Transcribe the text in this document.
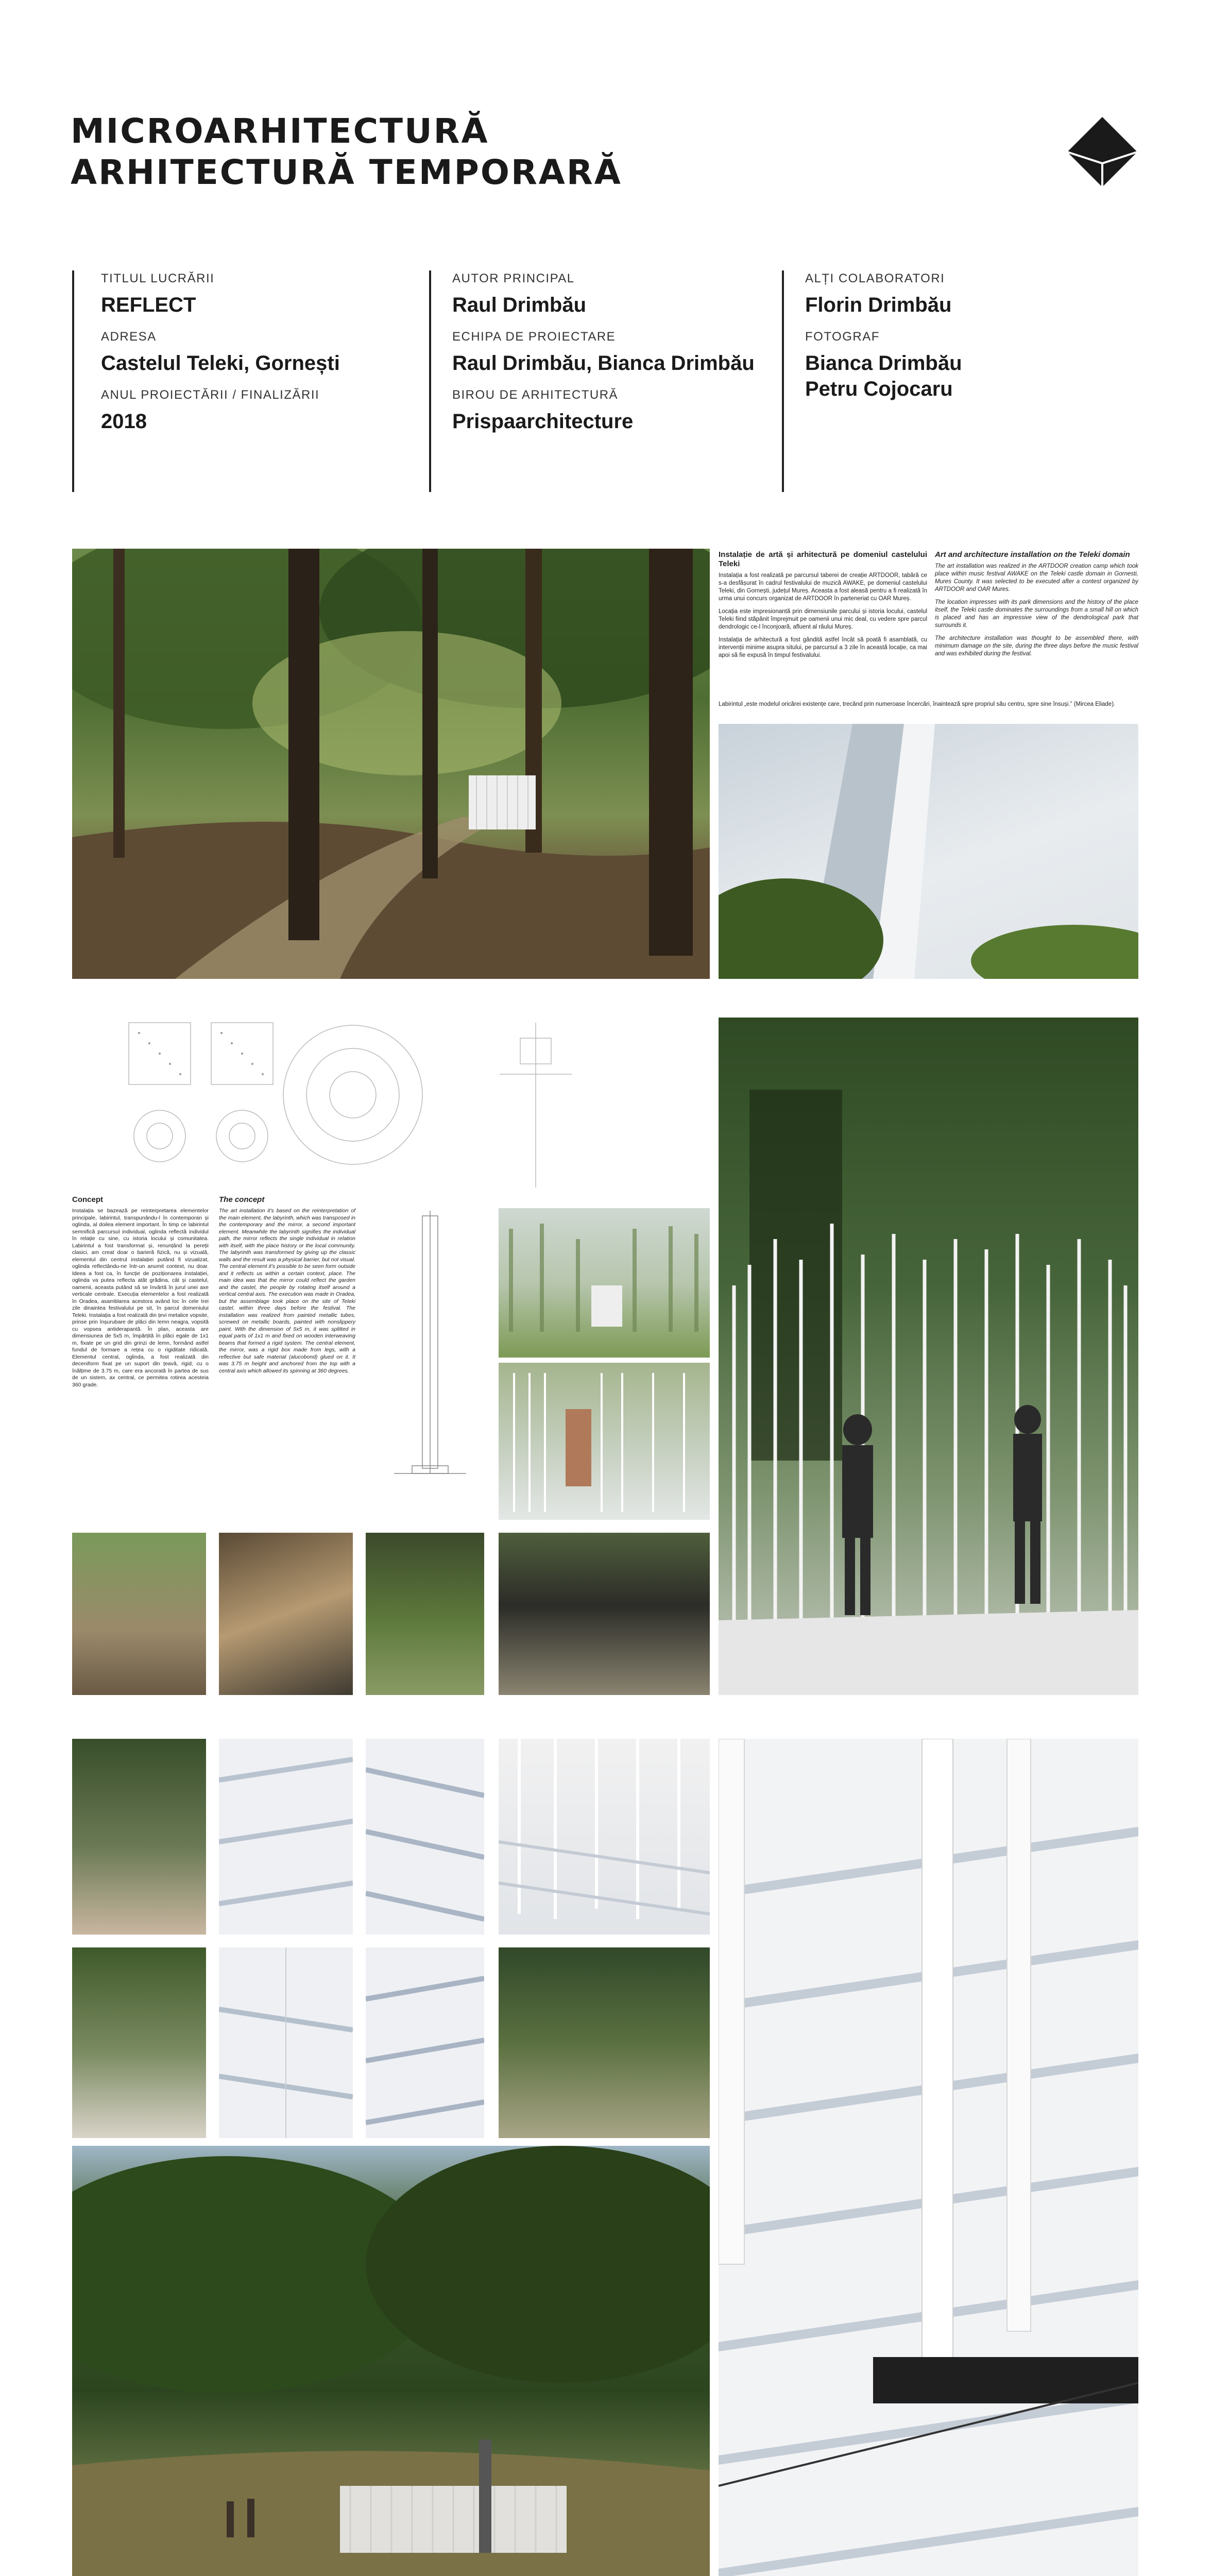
MICROARHITECTURĂ
ARHITECTURĂ TEMPORARĂ
TITLUL LUCRĂRII
REFLECT
ADRESA
Castelul Teleki, Gornești
ANUL PROIECTĂRII / FINALIZĂRII
2018
AUTOR PRINCIPAL
Raul Drimbău
ECHIPA DE PROIECTARE
Raul Drimbău, Bianca Drimbău
BIROU DE ARHITECTURĂ
Prispaarchitecture
ALȚI COLABORATORI
Florin Drimbău
FOTOGRAF
Bianca Drimbău
Petru Cojocaru
Instalație de artă și arhitectură pe domeniul castelului Teleki

Instalația a fost realizată pe parcursul taberei de creație ARTDOOR, tabără ce s-a desfășurat în cadrul festivalului de muzică AWAKE, pe domeniul castelului Teleki, din Gornești, județul Mureș. Aceasta a fost aleasă pentru a fi realizată în urma unui concurs organizat de ARTDOOR în parteneriat cu OAR Mureș.

Locația este impresionantă prin dimensiunile parcului și istoria locului, castelul Teleki fiind stăpânit împrejmuit pe oamenii unui mic deal, cu vedere spre parcul dendrologic ce-l înconjoară, afluent al râului Mureș.

Instalația de arhitectură a fost gândită astfel încât să poată fi asamblată, cu intervenții minime asupra sitului, pe parcursul a 3 zile în această locație, ca mai apoi să fie expusă în timpul festivalului.

Art and architecture installation on the Teleki domain

The art installation was realized in the ARTDOOR creation camp which took place within music festival AWAKE on the Teleki castle domain in Gornesti, Mures County. It was selected to be executed after a contest organized by ARTDOOR and OAR Mures.

The location impresses with its park dimensions and the history of the place itself, the Teleki castle dominates the surroundings from a small hill on which is placed and has an impressive view of the dendrological park that surrounds it.

The architecture installation was thought to be assembled there, with minimum damage on the site, during the three days before the music festival and was exhibited during the festival.

Labirintul „este modelul oricărei existențe care, trecând prin numeroase încercări, înaintează spre propriul său centru, spre sine însuși.” (Mircea Eliade).
Concept
Instalația se bazează pe reinterpretarea elementelor principale, labirintul, transpunându-l în contemporan și oglinda, al doilea element important. În timp ce labirintul semnifică parcursul individual, oglinda reflectă individul în relație cu sine, cu istoria locului și comunitatea. Labirintul a fost transformat și, renunțând la pereții clasici, am creat doar o barieră fizică, nu și vizuală, elementul din centrul instalației putând fi vizualizat, oglinda reflectându-ne într-un anumit context, nu doar. Ideea a fost ca, în funcție de poziționarea instalației, oglinda va putea reflecta atât grădina, cât și castelul, oamenii, aceasta putând să se învârtă în jurul unei axe verticale centrale. Execuția elementelor a fost realizată în Oradea, asamblarea acestora având loc în cele trei zile dinaintea festivalului pe sit, în parcul domeniului Teleki. Instalația a fost realizată din țevi metalice vopsite, prinse prin înșurubare de plăci din lemn neagra, vopsită cu vopsea antiderapantă. În plan, aceasta are dimensiunea de 5x5 m, împărțită în plăci egale de 1x1 m, fixate pe un grid din grinzi de lemn, formând astfel fundul de formare a rețea cu o rigiditate ridicată. Elementul central, oglinda, a fost realizată din deceniform fixat pe un suport din țeavă, rigid, cu o înălțime de 3.75 m, care era ancorată în partea de sus de un sistem, ax central, ce permitea rotirea acesteia 360 grade.
The concept
The art installation it's based on the reinterpretation of the main element, the labyrinth, which was transposed in the contemporary and the mirror, a second important element. Meanwhile the labyrinth signifies the individual path, the mirror reflects the single individual in relation with itself, with the place history or the local community. The labyrinth was transformed by giving up the classic walls and the result was a physical barrier, but not visual. The central element it's possible to be seen form outside and it reflects us within a certain context, place. The main idea was that the mirror could reflect the garden and the castel, the people by rotating itself around a vertical central axis. The execution was made in Oradea, but the assemblage took place on the site of Teleki castel, within three days before the festival. The installation was realized from painted metallic tubes, screwed on metallic boards, painted with nonslippery paint. With the dimension of 5x5 m, it was splitted in equal parts of 1x1 m and fixed on wooden interweaving beams that formed a rigid system. The central element, the mirror, was a rigid box made from legs, with a reflective but safe material (alucobond) glued on it. It was 3.75 m height and anchored from the top with a central axis which allowed its spinning at 360 degrees.
